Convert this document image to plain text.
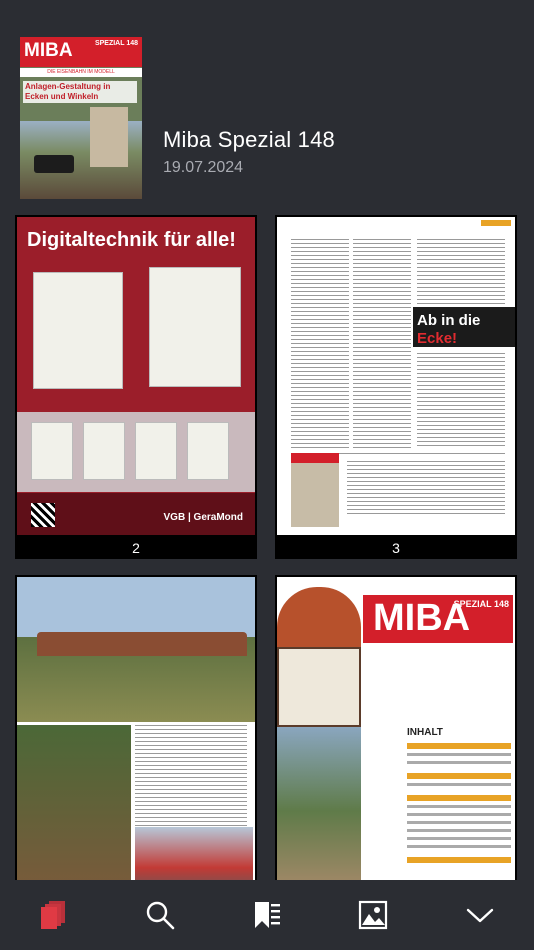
MIBA	SPEZIAL 148
DIE EISENBAHN IM MODELL
Anlagen-Gestaltung in Ecken und Winkeln
Miba Spezial 148
19.07.2024
Digitaltechnik für alle!
VGB | GeraMond
2
Ab in die
Ecke!
3
MIBA
SPEZIAL 148
INHALT
